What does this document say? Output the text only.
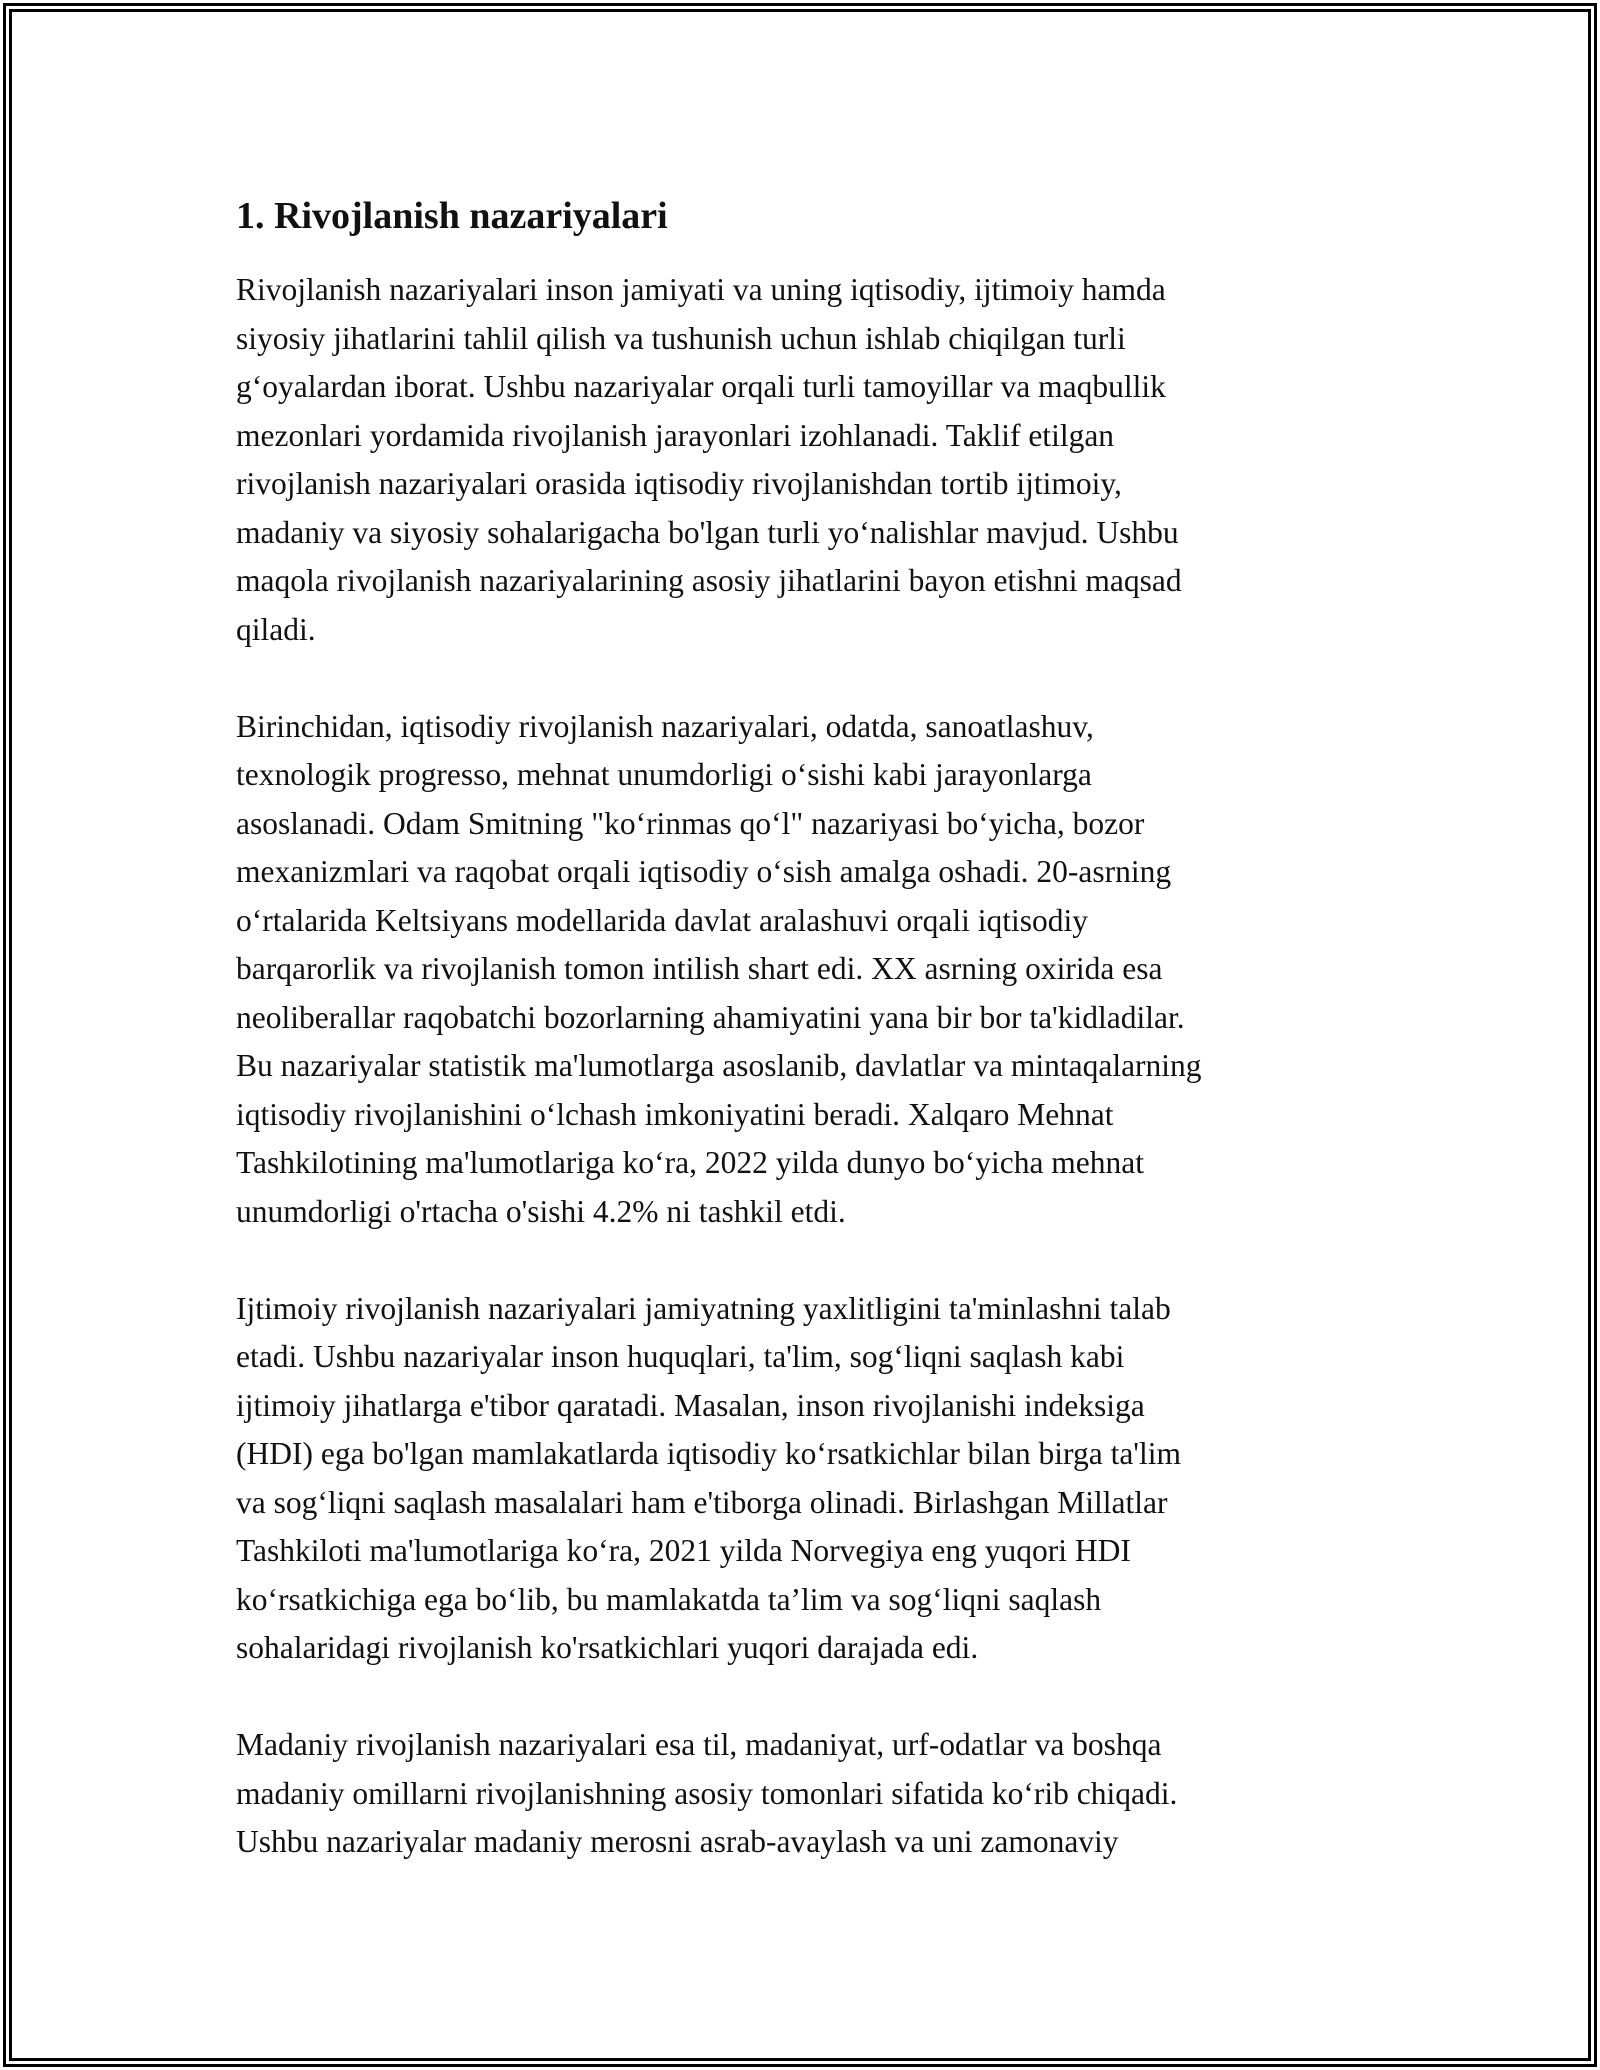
1. Rivojlanish nazariyalari
Rivojlanish nazariyalari inson jamiyati va uning iqtisodiy, ijtimoiy hamda
siyosiy jihatlarini tahlil qilish va tushunish uchun ishlab chiqilgan turli
g‘oyalardan iborat. Ushbu nazariyalar orqali turli tamoyillar va maqbullik
mezonlari yordamida rivojlanish jarayonlari izohlanadi. Taklif etilgan
rivojlanish nazariyalari orasida iqtisodiy rivojlanishdan tortib ijtimoiy,
madaniy va siyosiy sohalarigacha bo'lgan turli yo‘nalishlar mavjud. Ushbu
maqola rivojlanish nazariyalarining asosiy jihatlarini bayon etishni maqsad
qiladi.
Birinchidan, iqtisodiy rivojlanish nazariyalari, odatda, sanoatlashuv,
texnologik progresso, mehnat unumdorligi o‘sishi kabi jarayonlarga
asoslanadi. Odam Smitning "ko‘rinmas qo‘l" nazariyasi bo‘yicha, bozor
mexanizmlari va raqobat orqali iqtisodiy o‘sish amalga oshadi. 20-asrning
o‘rtalarida Keltsiyans modellarida davlat aralashuvi orqali iqtisodiy
barqarorlik va rivojlanish tomon intilish shart edi. XX asrning oxirida esa
neoliberallar raqobatchi bozorlarning ahamiyatini yana bir bor ta'kidladilar.
Bu nazariyalar statistik ma'lumotlarga asoslanib, davlatlar va mintaqalarning
iqtisodiy rivojlanishini o‘lchash imkoniyatini beradi. Xalqaro Mehnat
Tashkilotining ma'lumotlariga ko‘ra, 2022 yilda dunyo bo‘yicha mehnat
unumdorligi o'rtacha o'sishi 4.2% ni tashkil etdi.
Ijtimoiy rivojlanish nazariyalari jamiyatning yaxlitligini ta'minlashni talab
etadi. Ushbu nazariyalar inson huquqlari, ta'lim, sog‘liqni saqlash kabi
ijtimoiy jihatlarga e'tibor qaratadi. Masalan, inson rivojlanishi indeksiga
(HDI) ega bo'lgan mamlakatlarda iqtisodiy ko‘rsatkichlar bilan birga ta'lim
va sog‘liqni saqlash masalalari ham e'tiborga olinadi. Birlashgan Millatlar
Tashkiloti ma'lumotlariga ko‘ra, 2021 yilda Norvegiya eng yuqori HDI
ko‘rsatkichiga ega bo‘lib, bu mamlakatda ta’lim va sog‘liqni saqlash
sohalaridagi rivojlanish ko'rsatkichlari yuqori darajada edi.
Madaniy rivojlanish nazariyalari esa til, madaniyat, urf-odatlar va boshqa
madaniy omillarni rivojlanishning asosiy tomonlari sifatida ko‘rib chiqadi.
Ushbu nazariyalar madaniy merosni asrab-avaylash va uni zamonaviy
